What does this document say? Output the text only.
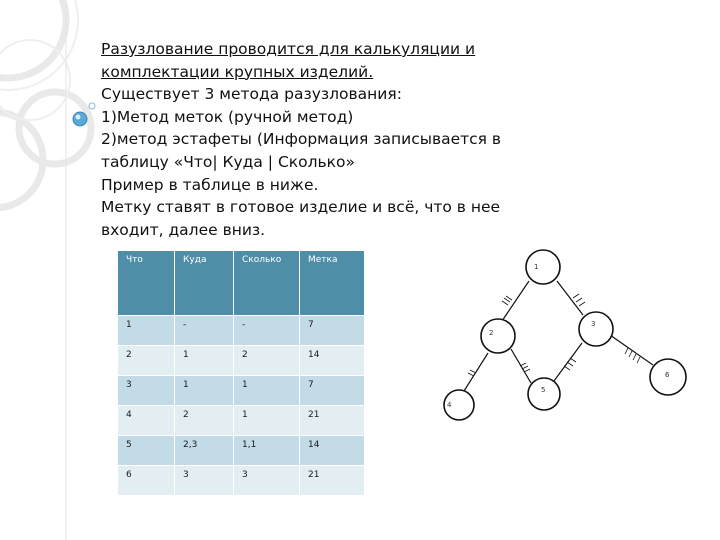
Разузлование проводится для калькуляции и
комплектации крупных изделий.
Существует 3 метода разузлования:
1)Метод меток (ручной метод)
2)метод эстафеты (Информация записывается в
таблицу «Что| Куда | Сколько»
Пример в таблице в ниже.
Метку ставят в готовое изделие и всё, что в нее
входит, далее вниз.
Что	Куда	Сколько	Метка
1	-	-	7
2	1	2	14
3	1	1	7
4	2	1	21
5	2,3	1,1	14
6	3	3	21
1
2
3
4
5
6
